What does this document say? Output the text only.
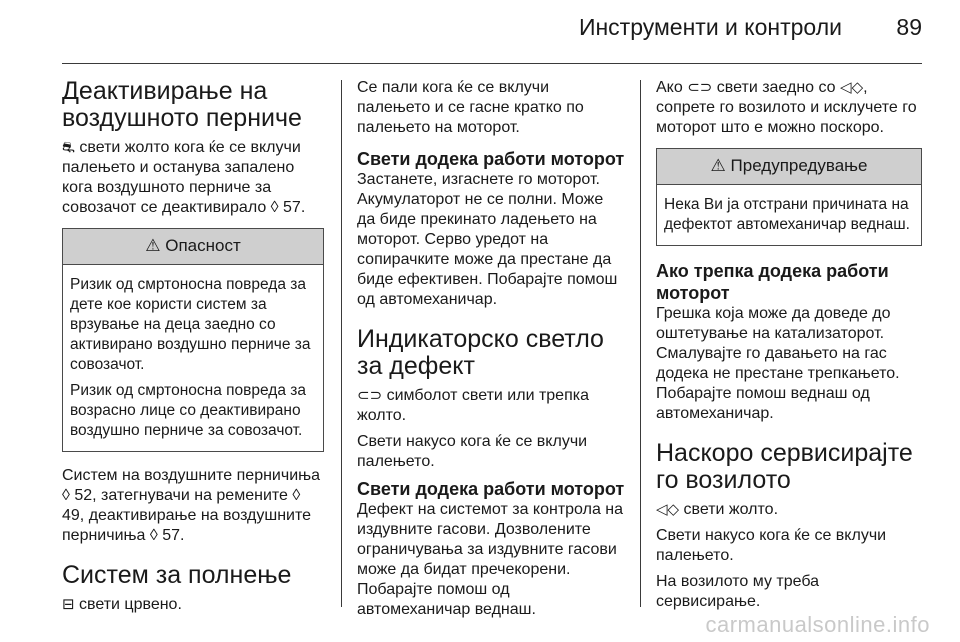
Инструменти и контроли 89
Деактивирање на воздушното перниче

⛐ свети жолто кога ќе се вклучи палењето и останува запалено кога воздушното перниче за совозачот се деактивирало ◊ 57.

⚠ Опасност

Ризик од смртоносна повреда за дете кое користи систем за врзување на деца заедно со активирано воздушно перниче за совозачот.

Ризик од смртоносна повреда за возрасно лице со деактивирано воздушно перниче за совозачот.

Систем на воздушните перничиња ◊ 52, затегнувачи на ремените ◊ 49, деактивирање на воздушните перничиња ◊ 57.

Систем за полнење

⊟ свети црвено.

Се пали кога ќе се вклучи палењето и се гасне кратко по палењето на моторот.

Свети додека работи моторот

Застанете, изгаснете го моторот. Акумулаторот не се полни. Може да биде прекинато ладењето на моторот. Серво уредот на сопирачките може да престане да биде ефективен. Побарајте помош од автомеханичар.

Индикаторско светло за дефект

⊂⊃ симболот свети или трепка жолто.

Свети накусо кога ќе се вклучи палењето.

Свети додека работи моторот

Дефект на системот за контрола на издувните гасови. Дозволените ограничувања за издувните гасови може да бидат пречекорени. Побарајте помош од автомеханичар веднаш.

Ако ⊂⊃ свети заедно со ◁◇, сопрете го возилото и исклучете го моторот што е можно поскоро.

⚠ Предупредување

Нека Ви ја отстрани причината на дефектот автомеханичар веднаш.

Ако трепка додека работи моторот

Грешка која може да доведе до оштетување на катализаторот. Смалувајте го давањето на гас додека не престане трепкањето. Побарајте помош веднаш од автомеханичар.

Наскоро сервисирајте го возилото

◁◇ свети жолто.

Свети накусо кога ќе се вклучи палењето.

На возилото му треба сервисирање.

carmanualsonline.info
